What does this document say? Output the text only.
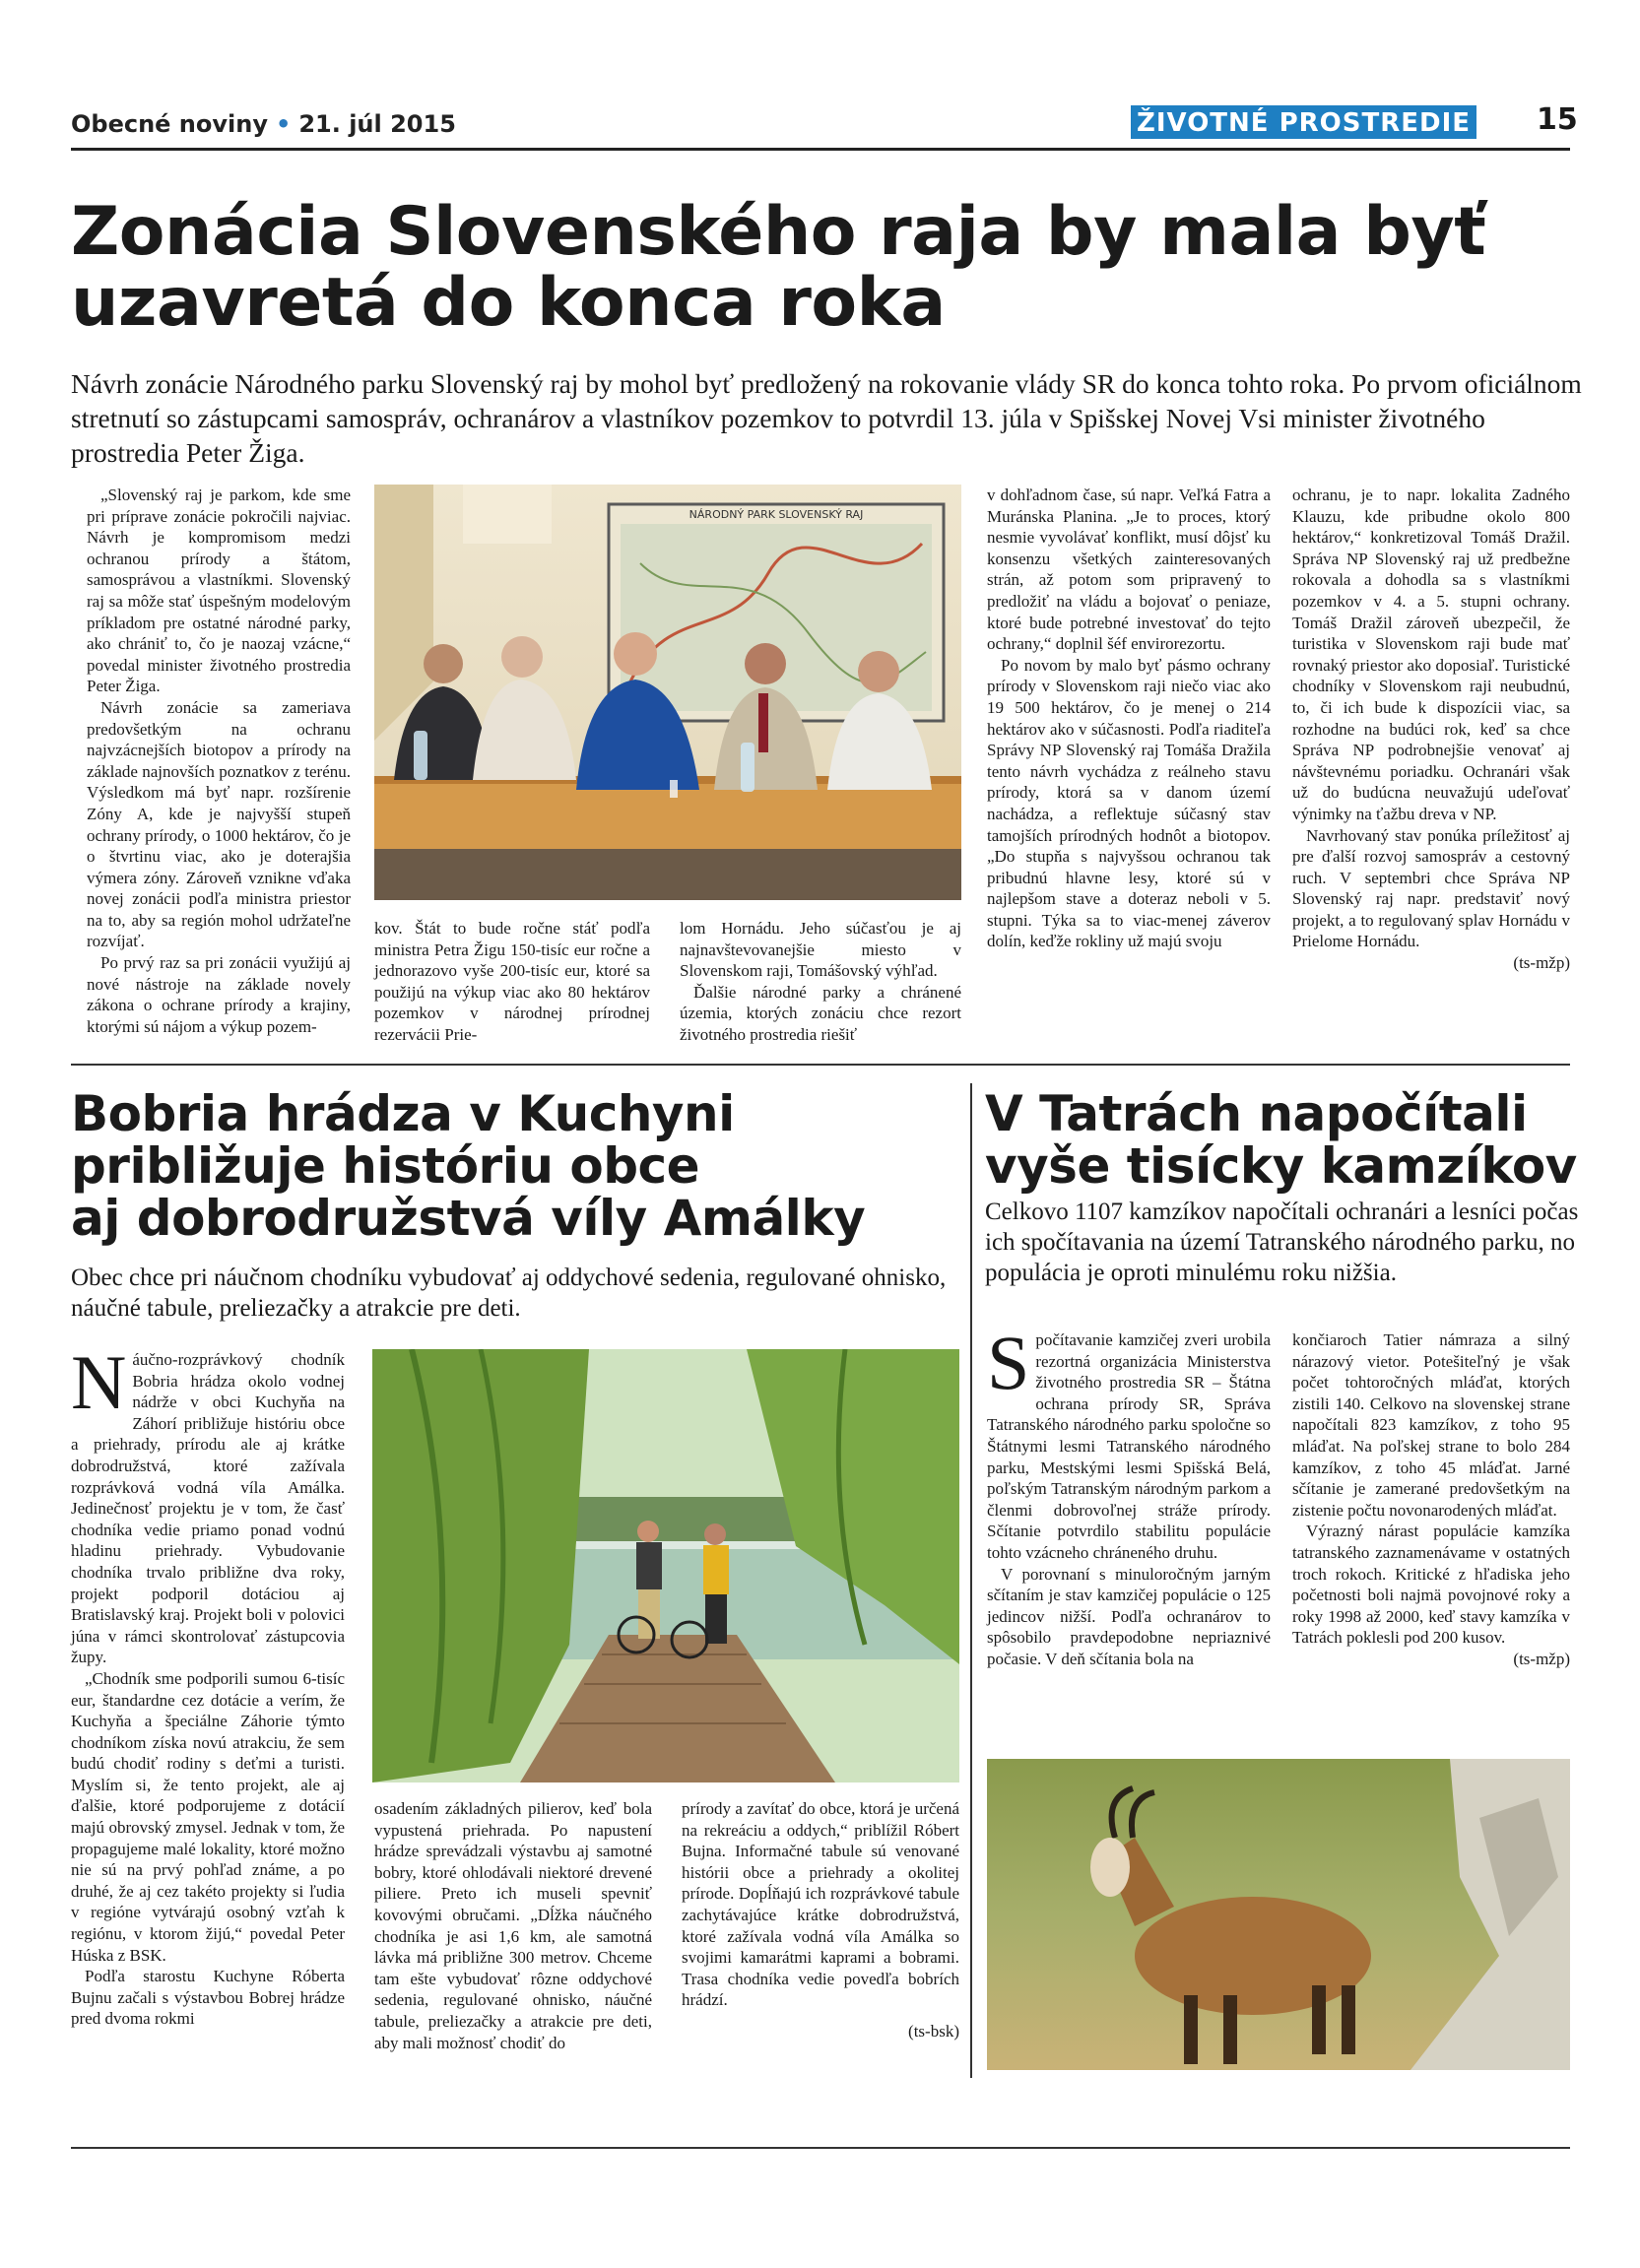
Obecné noviny • 21. júl 2015	ŽIVOTNÉ PROSTREDIE 15
Zonácia Slovenského raja by mala byť
uzavretá do konca roka
Návrh zonácie Národného parku Slovenský raj by mohol byť predložený na rokovanie vlády SR do konca tohto roka. Po prvom oficiálnom stretnutí so zástupcami samospráv, ochranárov a vlastníkov pozemkov to potvrdil 13. júla v Spišskej Novej Vsi minister životného prostredia Peter Žiga.

„Slovenský raj je parkom, kde sme pri príprave zonácie pokročili najviac. Návrh je kompromisom medzi ochranou prírody a štátom, samosprávou a vlastníkmi. Slovenský raj sa môže stať úspešným modelovým príkladom pre ostatné národné parky, ako chrániť to, čo je naozaj vzácne,“ povedal minister životného prostredia Peter Žiga.

Návrh zonácie sa zameriava predovšetkým na ochranu najvzácnejších biotopov a prírody na základe najnovších poznatkov z terénu. Výsledkom má byť napr. rozšírenie Zóny A, kde je najvyšší stupeň ochrany prírody, o 1000 hektárov, čo je o štvrtinu viac, ako je doterajšia výmera zóny. Zároveň vznikne vďaka novej zonácii podľa ministra priestor na to, aby sa región mohol udržateľne rozvíjať.

Po prvý raz sa pri zonácii využijú aj nové nástroje na základe novely zákona o ochrane prírody a krajiny, ktorými sú nájom a výkup pozem-

NÁRODNÝ PARK SLOVENSKÝ RAJ

kov. Štát to bude ročne stáť podľa ministra Petra Žigu 150-tisíc eur ročne a jednorazovo vyše 200-tisíc eur, ktoré sa použijú na výkup viac ako 80 hektárov pozemkov v národnej prírodnej rezervácii Prie-

lom Hornádu. Jeho súčasťou je aj najnavštevovanejšie miesto v Slovenskom raji, Tomášovský výhľad.

Ďalšie národné parky a chránené územia, ktorých zonáciu chce rezort životného prostredia riešiť

v dohľadnom čase, sú napr. Veľká Fatra a Muránska Planina. „Je to proces, ktorý nesmie vyvolávať konflikt, musí dôjsť ku konsenzu všetkých zainteresovaných strán, až potom som pripravený to predložiť na vládu a bojovať o peniaze, ktoré bude potrebné investovať do tejto ochrany,“ doplnil šéf envirorezortu.

Po novom by malo byť pásmo ochrany prírody v Slovenskom raji niečo viac ako 19 500 hektárov, čo je menej o 214 hektárov ako v súčasnosti. Podľa riaditeľa Správy NP Slovenský raj Tomáša Dražila tento návrh vychádza z reálneho stavu prírody, ktorá sa v danom území nachádza, a reflektuje súčasný stav tamojších prírodných hodnôt a biotopov. „Do stupňa s najvyšsou ochranou tak pribudnú hlavne lesy, ktoré sú v najlepšom stave a doteraz neboli v 5. stupni. Týka sa to viac-menej záverov dolín, keďže rokliny už majú svoju

ochranu, je to napr. lokalita Zadného Klauzu, kde pribudne okolo 800 hektárov,“ konkretizoval Tomáš Dražil. Správa NP Slovenský raj už predbežne rokovala a dohodla sa s vlastníkmi pozemkov v 4. a 5. stupni ochrany. Tomáš Dražil zároveň ubezpečil, že turistika v Slovenskom raji bude mať rovnaký priestor ako doposiaľ. Turistické chodníky v Slovenskom raji neubudnú, to, či ich bude k dispozícii viac, sa rozhodne na budúci rok, keď sa chce Správa NP podrobnejšie venovať aj návštevnému poriadku. Ochranári však už do budúcna neuvažujú udeľovať výnimky na ťažbu dreva v NP.

Navrhovaný stav ponúka príležitosť aj pre ďalší rozvoj samospráv a cestovný ruch. V septembri chce Správa NP Slovenský raj napr. predstaviť nový projekt, a to regulovaný splav Hornádu v Prielome Hornádu.

(ts-mžp)
Bobria hrádza v Kuchyni
približuje históriu obce
aj dobrodružstvá víly Amálky
Obec chce pri náučnom chodníku vybudovať aj oddychové sedenia, regulované ohnisko, náučné tabule, preliezačky a atrakcie pre deti.

Náučno-rozprávkový chodník Bobria hrádza okolo vodnej nádrže v obci Kuchyňa na Záhorí približuje históriu obce a priehrady, prírodu ale aj krátke dobrodružstvá, ktoré zažívala rozprávková vodná víla Amálka. Jedinečnosť projektu je v tom, že časť chodníka vedie priamo ponad vodnú hladinu priehrady. Vybudovanie chodníka trvalo približne dva roky, projekt podporil dotáciou aj Bratislavský kraj. Projekt boli v polovici júna v rámci skontrolovať zástupcovia župy.

„Chodník sme podporili sumou 6-tisíc eur, štandardne cez dotácie a verím, že Kuchyňa a špeciálne Záhorie týmto chodníkom získa novú atrakciu, že sem budú chodiť rodiny s deťmi a turisti. Myslím si, že tento projekt, ale aj ďalšie, ktoré podporujeme z dotácií majú obrovský zmysel. Jednak v tom, že propagujeme malé lokality, ktoré možno nie sú na prvý pohľad známe, a po druhé, že aj cez takéto projekty si ľudia v regióne vytvárajú osobný vzťah k regiónu, v ktorom žijú,“ povedal Peter Húska z BSK.

Podľa starostu Kuchyne Róberta Bujnu začali s výstavbou Bobrej hrádze pred dvoma rokmi

osadením základných pilierov, keď bola vypustená priehrada. Po napustení hrádze sprevádzali výstavbu aj samotné bobry, ktoré ohlodávali niektoré drevené piliere. Preto ich museli spevniť kovovými obručami. „Dĺžka náučného chodníka je asi 1,6 km, ale samotná lávka má približne 300 metrov. Chceme tam ešte vybudovať rôzne oddychové sedenia, regulované ohnisko, náučné tabule, preliezačky a atrakcie pre deti, aby mali možnosť chodiť do

prírody a zavítať do obce, ktorá je určená na rekreáciu a oddych,“ priblížil Róbert Bujna. Informačné tabule sú venované histórii obce a priehrady a okolitej prírode. Dopĺňajú ich rozprávkové tabule zachytávajúce krátke dobrodružstvá, ktoré zažívala vodná víla Amálka so svojimi kamarátmi kaprami a bobrami. Trasa chodníka vedie povedľa bobrích hrádzí.

(ts-bsk)
V Tatrách napočítali
vyše tisícky kamzíkov
Celkovo 1107 kamzíkov napočítali ochranári a lesníci počas ich spočítavania na území Tatranského národného parku, no populácia je oproti minulému roku nižšia.

Spočítavanie kamzičej zveri urobila rezortná organizácia Ministerstva životného prostredia SR – Štátna ochrana prírody SR, Správa Tatranského národného parku spoločne so Štátnymi lesmi Tatranského národného parku, Mestskými lesmi Spišská Belá, poľským Tatranským národným parkom a členmi dobrovoľnej stráže prírody. Sčítanie potvrdilo stabilitu populácie tohto vzácneho chráneného druhu.

V porovnaní s minuloročným jarným sčítaním je stav kamzičej populácie o 125 jedincov nižší. Podľa ochranárov to spôsobilo pravdepodobne nepriaznivé počasie. V deň sčítania bola na

končiaroch Tatier námraza a silný nárazový vietor. Potešiteľný je však počet tohtoročných mláďat, ktorých zistili 140. Celkovo na slovenskej strane napočítali 823 kamzíkov, z toho 95 mláďat. Na poľskej strane to bolo 284 kamzíkov, z toho 45 mláďat. Jarné sčítanie je zamerané predovšetkým na zistenie počtu novonarodených mláďat.

Výrazný nárast populácie kamzíka tatranského zaznamenávame v ostatných troch rokoch. Kritické z hľadiska jeho početnosti boli najmä povojnové roky a roky 1998 až 2000, keď stavy kamzíka v Tatrách poklesli pod 200 kusov.

(ts-mžp)
